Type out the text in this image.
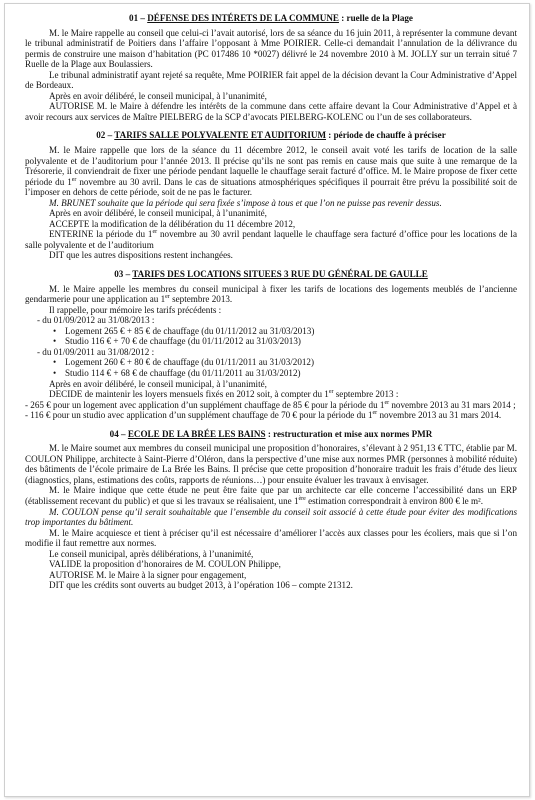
01 – DÉFENSE DES INTÉRETS DE LA COMMUNE : ruelle de la Plage

M. le Maire rappelle au conseil que celui-ci l’avait autorisé, lors de sa séance du 16 juin 2011, à représenter la commune devant le tribunal administratif de Poitiers dans l’affaire l’opposant à Mme POIRIER. Celle-ci demandait l’annulation de la délivrance du permis de construire une maison d’habitation (PC 017486 10 *0027) délivré le 24 novembre 2010 à M. JOLLY sur un terrain situé 7 Ruelle de la Plage aux Boulassiers.

Le tribunal administratif ayant rejeté sa requête, Mme POIRIER fait appel de la décision devant la Cour Administrative d’Appel de Bordeaux.

Après en avoir délibéré, le conseil municipal, à l’unanimité,

AUTORISE M. le Maire à défendre les intérêts de la commune dans cette affaire devant la Cour Administrative d’Appel et à avoir recours aux services de Maître PIELBERG de la SCP d’avocats PIELBERG-KOLENC ou l’un de ses collaborateurs.

02 – TARIFS SALLE POLYVALENTE ET AUDITORIUM : période de chauffe à préciser

M. le Maire rappelle que lors de la séance du 11 décembre 2012, le conseil avait voté les tarifs de location de la salle polyvalente et de l’auditorium pour l’année 2013. Il précise qu’ils ne sont pas remis en cause mais que suite à une remarque de la Trésorerie, il conviendrait de fixer une période pendant laquelle le chauffage serait facturé d’office. M. le Maire propose de fixer cette période du 1er novembre au 30 avril. Dans le cas de situations atmosphériques spécifiques il pourrait être prévu la possibilité soit de l’imposer en dehors de cette période, soit de ne pas le facturer.

M. BRUNET souhaite que la période qui sera fixée s’impose à tous et que l’on ne puisse pas revenir dessus.

Après en avoir délibéré, le conseil municipal, à l’unanimité,

ACCEPTE la modification de la délibération du 11 décembre 2012,

ENTERINE la période du 1er novembre au 30 avril pendant laquelle le chauffage sera facturé d’office pour les locations de la salle polyvalente et de l’auditorium

DIT que les autres dispositions restent inchangées.

03 – TARIFS DES LOCATIONS SITUEES 3 RUE DU GÉNÉRAL DE GAULLE

M. le Maire appelle les membres du conseil municipal à fixer les tarifs de locations des logements meublés de l’ancienne gendarmerie pour une application au 1er septembre 2013.

Il rappelle, pour mémoire les tarifs précédents :

- du 01/09/2012 au 31/08/2013 :

• Logement 265 € + 85 € de chauffage (du 01/11/2012 au 31/03/2013)

• Studio 116 € + 70 € de chauffage (du 01/11/2012 au 31/03/2013)

- du 01/09/2011 au 31/08/2012 :

• Logement 260 € + 80 € de chauffage (du 01/11/2011 au 31/03/2012)

• Studio 114 € + 68 € de chauffage (du 01/11/2011 au 31/03/2012)

Après en avoir délibéré, le conseil municipal, à l’unanimité,

DECIDE de maintenir les loyers mensuels fixés en 2012 soit, à compter du 1er septembre 2013 :

- 265 € pour un logement avec application d’un supplément chauffage de 85 € pour la période du 1er novembre 2013 au 31 mars 2014 ;

- 116 € pour un studio avec application d’un supplément chauffage de 70 € pour la période du 1er novembre 2013 au 31 mars 2014.

04 – ECOLE DE LA BRÉE LES BAINS : restructuration et mise aux normes PMR

M. le Maire soumet aux membres du conseil municipal une proposition d’honoraires, s’élevant à 2 951,13 € TTC, établie par M. COULON Philippe, architecte à Saint-Pierre d’Oléron, dans la perspective d’une mise aux normes PMR (personnes à mobilité réduite) des bâtiments de l’école primaire de La Brée les Bains. Il précise que cette proposition d’honoraire traduit les frais d’étude des lieux (diagnostics, plans, estimations des coûts, rapports de réunions…) pour ensuite évaluer les travaux à envisager.

M. le Maire indique que cette étude ne peut être faite que par un architecte car elle concerne l’accessibilité dans un ERP (établissement recevant du public) et que si les travaux se réalisaient, une 1ère estimation correspondrait à environ 800 € le m².

M. COULON pense qu’il serait souhaitable que l’ensemble du conseil soit associé à cette étude pour éviter des modifications trop importantes du bâtiment.

M. le Maire acquiesce et tient à préciser qu’il est nécessaire d’améliorer l’accès aux classes pour les écoliers, mais que si l’on modifie il faut remettre aux normes.

Le conseil municipal, après délibérations, à l’unanimité,

VALIDE la proposition d’honoraires de M. COULON Philippe,

AUTORISE M. le Maire à la signer pour engagement,

DIT que les crédits sont ouverts au budget 2013, à l’opération 106 – compte 21312.
